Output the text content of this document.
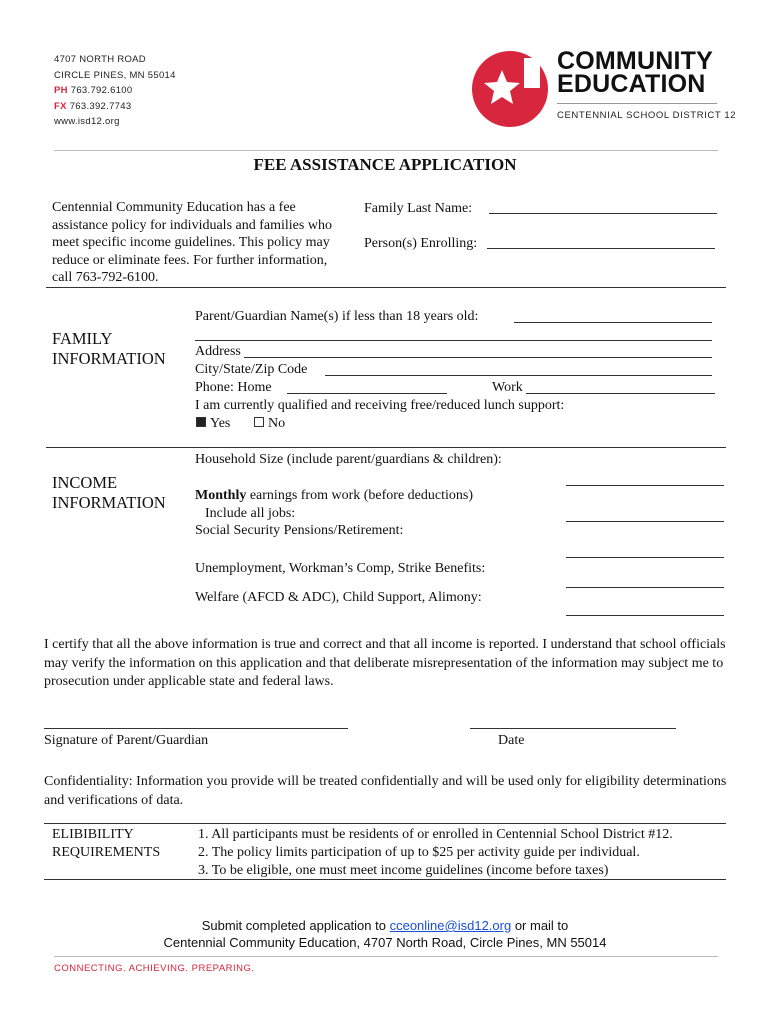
4707 NORTH ROAD
CIRCLE PINES, MN 55014
PH 763.792.6100
FX 763.392.7743
www.isd12.org
COMMUNITY
EDUCATION
CENTENNIAL SCHOOL DISTRICT 12
FEE ASSISTANCE APPLICATION
Centennial Community Education has a fee assistance policy for individuals and families who meet specific income guidelines. This policy may reduce or eliminate fees. For further information, call 763-792-6100.
Family Last Name:
Person(s) Enrolling:
FAMILY
INFORMATION
Parent/Guardian Name(s) if less than 18 years old:
Address
City/State/Zip Code
Phone: Home	Work
I am currently qualified and receiving free/reduced lunch support:
Yes	No
INCOME
INFORMATION
Household Size (include parent/guardians & children):
Monthly earnings from work (before deductions)
Include all jobs:
Social Security Pensions/Retirement:
Unemployment, Workman’s Comp, Strike Benefits:
Welfare (AFCD & ADC), Child Support, Alimony:
I certify that all the above information is true and correct and that all income is reported. I understand that school officials may verify the information on this application and that deliberate misrepresentation of the information may subject me to prosecution under applicable state and federal laws.
Signature of Parent/Guardian	Date
Confidentiality: Information you provide will be treated confidentially and will be used only for eligibility determinations and verifications of data.
ELIBIBILITY
REQUIREMENTS
1. All participants must be residents of or enrolled in Centennial School District #12.
2. The policy limits participation of up to $25 per activity guide per individual.
3. To be eligible, one must meet income guidelines (income before taxes)
Submit completed application to cceonline@isd12.org or mail to
Centennial Community Education, 4707 North Road, Circle Pines, MN 55014
CONNECTING. ACHIEVING. PREPARING.
